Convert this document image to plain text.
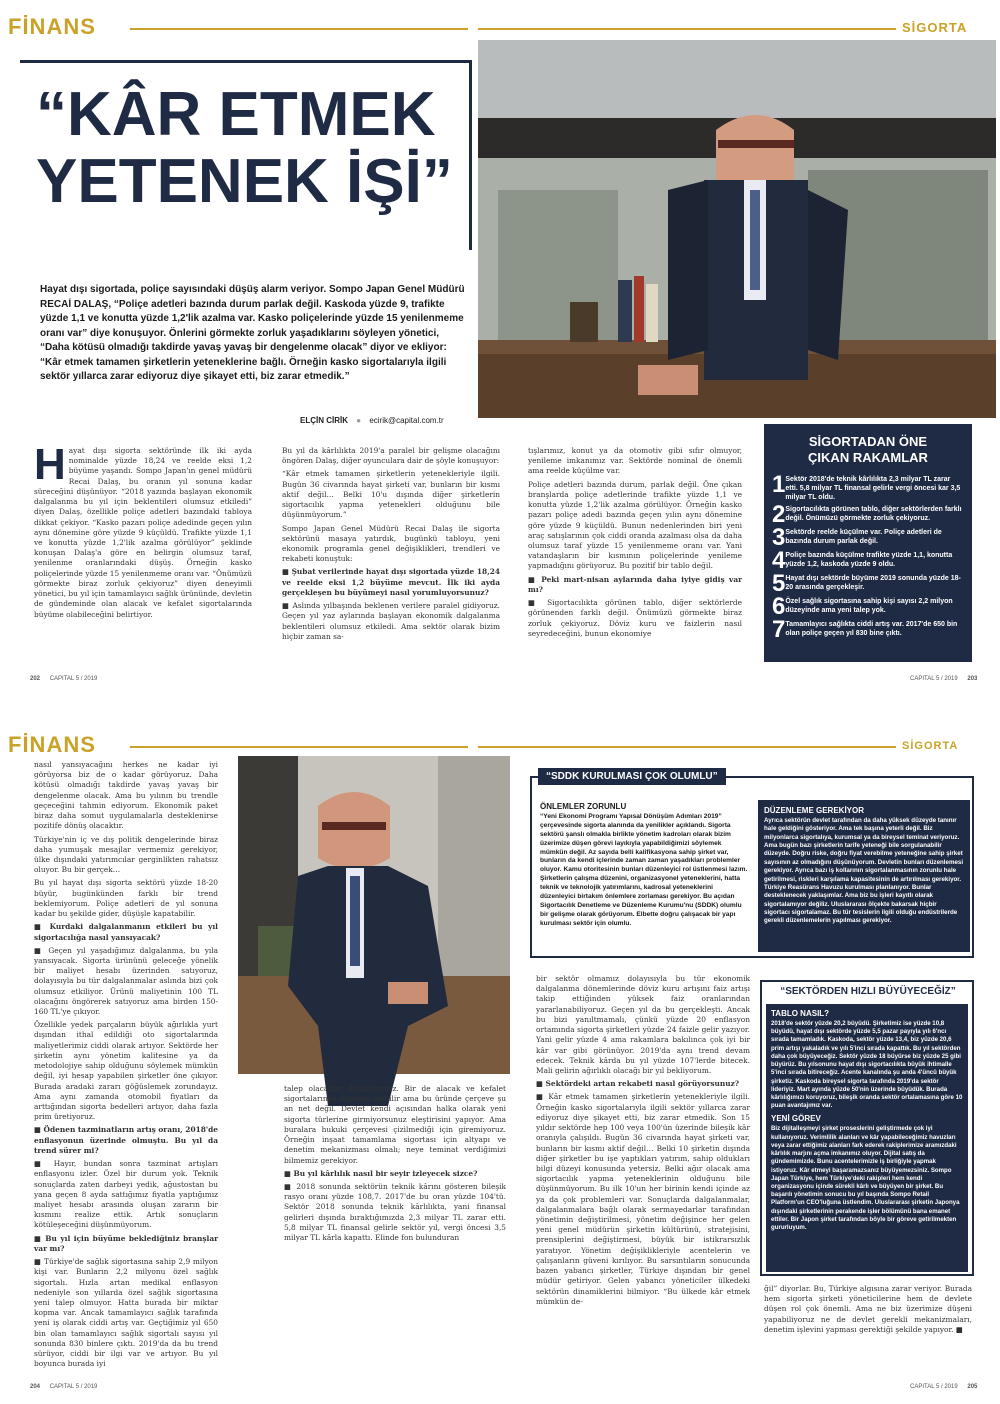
FİNANS	SİGORTA
“KÂR ETMEK
YETENEK İŞİ”
Hayat dışı sigortada, poliçe sayısındaki düşüş alarm veriyor. Sompo Japan Genel Müdürü RECAİ DALAŞ, “Poliçe adetleri bazında durum parlak değil. Kaskoda yüzde 9, trafikte yüzde 1,1 ve konutta yüzde 1,2'lik azalma var. Kasko poliçelerinde yüzde 15 yenilenmeme oranı var” diye konuşuyor. Önlerini görmekte zorluk yaşadıklarını söyleyen yönetici, “Daha kötüsü olmadığı takdirde yavaş yavaş bir dengelenme olacak” diyor ve ekliyor: “Kâr etmek tamamen şirketlerin yeteneklerine bağlı. Örneğin kasko sigortalarıyla ilgili sektör yıllarca zarar ediyoruz diye şikayet etti, biz zarar etmedik.”
ELÇİN CİRİK ● ecirik@capital.com.tr
H ayat dışı sigorta sektöründe ilk iki ayda nominalde yüzde 18,24 ve reelde eksi 1,2 büyüme yaşandı. Sompo Japan'ın genel müdürü Recai Dalaş, bu oranın yıl sonuna kadar süreceğini düşünüyor. “2018 yazında başlayan ekonomik dalgalanma bu yıl için beklentileri olumsuz etkiledi” diyen Dalaş, özellikle poliçe adetleri bazındaki tabloya dikkat çekiyor. “Kasko pazarı poliçe adedinde geçen yılın aynı dönemine göre yüzde 9 küçüldü. Trafikte yüzde 1,1 ve konutta yüzde 1,2'lik azalma görülüyor” şeklinde konuşan Dalaş'a göre en belirgin olumsuz taraf, yenilenme oranlarındaki düşüş. Örneğin kasko poliçelerinde yüzde 15 yenilenmeme oranı var. “Önümüzü görmekte biraz zorluk çekiyoruz” diyen deneyimli yönetici, bu yıl için tamamlayıcı sağlık ürününde, devletin de gündeminde olan alacak ve kefalet sigortalarında büyüme olabileceğini belirtiyor.

Bu yıl da kârlılıkta 2019'a paralel bir gelişme olacağını öngören Dalaş, diğer oyunculara dair de şöyle konuşuyor:

“Kâr etmek tamamen şirketlerin yetenekleriyle ilgili. Bugün 36 civarında hayat şirketi var, bunların bir kısmı aktif değil… Belki 10'u dışında diğer şirketlerin sigortacılık yapma yetenekleri olduğunu bile düşünmüyorum.”

Sompo Japan Genel Müdürü Recai Dalaş ile sigorta sektörünü masaya yatırdık, bugünkü tabloyu, yeni ekonomik programla genel değişiklikleri, trendleri ve rekabeti konuştuk:

■ Şubat verilerinde hayat dışı sigortada yüzde 18,24 ve reelde eksi 1,2 büyüme mevcut. İlk iki ayda gerçekleşen bu büyümeyi nasıl yorumluyorsunuz?

■ Aslında yılbaşında beklenen verilere paralel gidiyoruz. Geçen yıl yaz aylarında başlayan ekonomik dalgalanma beklentileri olumsuz etkiledi. Ama sektör olarak bizim hiçbir zaman sa-

tışlarımız, konut ya da otomotiv gibi sıfır olmuyor, yenileme imkanımız var. Sektörde nominal de önemli ama reelde küçülme var.

Poliçe adetleri bazında durum, parlak değil. Öne çıkan branşlarda poliçe adetlerinde trafikte yüzde 1,1 ve konutta yüzde 1,2'lik azalma görülüyor. Örneğin kasko pazarı poliçe adedi bazında geçen yılın aynı dönemine göre yüzde 9 küçüldü. Bunun nedenlerinden biri yeni araç satışlarının çok ciddi oranda azalması olsa da daha olumsuz taraf yüzde 15 yenilenmeme oranı var. Yani vatandaşların bir kısmının poliçelerinde yenileme yapmadığını görüyoruz. Bu pozitif bir tablo değil.

■ Peki mart-nisan aylarında daha iyiye gidiş var mı?

■ Sigortacılıkta görünen tablo, diğer sektörlerde görünenden farklı değil. Önümüzü görmekte biraz zorluk çekiyoruz. Döviz kuru ve faizlerin nasıl seyredeceğini, bunun ekonomiye

SİGORTADAN ÖNE
ÇIKAN RAKAMLAR
1 Sektör 2018'de teknik kârlılıkta 2,3 milyar TL zarar etti. 5,8 milyar TL finansal gelirle vergi öncesi kar 3,5 milyar TL oldu.
2 Sigortacılıkta görünen tablo, diğer sektörlerden farklı değil. Önümüzü görmekte zorluk çekiyoruz.
3 Sektörde reelde küçülme var. Poliçe adetleri de bazında durum parlak değil.
4 Poliçe bazında küçülme trafikte yüzde 1,1, konutta yüzde 1,2, kaskoda yüzde 9 oldu.
5 Hayat dışı sektörde büyüme 2019 sonunda yüzde 18-20 arasında gerçekleşir.
6 Özel sağlık sigortasına sahip kişi sayısı 2,2 milyon düzeyinde ama yeni talep yok.
7 Tamamlayıcı sağlıkta ciddi artış var. 2017'de 650 bin olan poliçe geçen yıl 830 bine çıktı.
202 CAPITAL 5 / 2019	CAPITAL 5 / 2019 203
FİNANS	SİGORTA

nasıl yansıyacağını herkes ne kadar iyi görüyorsa biz de o kadar görüyoruz. Daha kötüsü olmadığı takdirde yavaş yavaş bir dengelenme olacak. Ama bu yılının bu trendle geçeceğini tahmin ediyorum. Ekonomik paket biraz daha somut uygulamalarla desteklenirse pozitife dönüş olacaktır.

Türkiye'nin iç ve dış politik dengelerinde biraz daha yumuşak mesajlar vermemiz gerekiyor, ülke dışındaki yatırımcılar gerginlikten rahatsız oluyor. Bu bir gerçek…

Bu yıl hayat dışı sigorta sektörü yüzde 18-20 büyür, bugünkünden farklı bir trend beklemiyorum. Poliçe adetleri de yıl sonuna kadar bu şekilde gider, düşüşle kapatabilir.

■ Kurdaki dalgalanmanın etkileri bu yıl sigortacılığa nasıl yansıyacak?

■ Geçen yıl yaşadığımız dalgalanma, bu yıla yansıyacak. Sigorta ürününü geleceğe yönelik bir maliyet hesabı üzerinden satıyoruz, dolayısıyla bu tür dalgalanmalar aslında bizi çok olumsuz etkiliyor. Ürünü maliyetinin 100 TL olacağını öngörerek satıyoruz ama birden 150-160 TL'ye çıkıyor.

Özellikle yedek parçaların büyük ağırlıkla yurt dışından ithal edildiği oto sigortalarında maliyetlerimiz ciddi olarak artıyor. Sektörde her şirketin aynı yönetim kalitesine ya da metodolojiye sahip olduğunu söylemek mümkün değil, iyi hesap yapabilen şirketler öne çıkıyor. Burada aradaki zararı göğüslemek zorundayız. Ama aynı zamanda otomobil fiyatları da arttığından sigorta bedelleri artıyor, daha fazla prim üretiyoruz.

■ Ödenen tazminatların artış oranı, 2018'de enflasyonun üzerinde olmuştu. Bu yıl da trend sürer mi?

■ Hayır, bundan sonra tazminat artışları enflasyonu izler. Özel bir durum yok. Teknik sonuçlarda zaten darbeyi yedik, ağustostan bu yana geçen 8 ayda sattığımız fiyatla yaptığımız maliyet hesabı arasında oluşan zararın bir kısmını realize ettik. Artık sonuçların kötüleşeceğini düşünmüyorum.

■ Bu yıl için büyüme beklediğiniz branşlar var mı?

■ Türkiye'de sağlık sigortasına sahip 2,9 milyon kişi var. Bunların 2,2 milyonu özel sağlık sigortalı. Hızla artan medikal enflasyon nedeniyle son yıllarda özel sağlık sigortasına yeni talep olmuyor. Hatta burada bir miktar kopma var. Ancak tamamlayıcı sağlık tarafında yeni iş olarak ciddi artış var. Geçtiğimiz yıl 650 bin olan tamamlayıcı sağlık sigortalı sayısı yıl sonunda 830 binlere çıktı. 2019'da da bu trend sürüyor, ciddi bir ilgi var ve artıyor. Bu yıl boyunca burada iyi

talep olacağını düşünüyoruz. Bir de alacak ve kefalet sigortalarında büyüme olabilir ama bu üründe çerçeve şu an net değil. Devlet kendi açısından halka olarak yeni sigorta türlerine girmiyorsunuz eleştirisini yapıyor. Ama buralara hukuki çerçevesi çizilmediği için giremiyoruz. Örneğin inşaat tamamlama sigortası için altyapı ve denetim mekanizması olmalı; neye teminat verdiğimizi bilmemiz gerekiyor.

■ Bu yıl kârlılık nasıl bir seyir izleyecek sizce?

■ 2018 sonunda sektörün teknik kârını gösteren bileşik rasyo oranı yüzde 108,7. 2017'de bu oran yüzde 104'tü. Sektör 2018 sonunda teknik kârlılıkta, yani finansal gelirleri dışında bıraktığımızda 2,3 milyar TL zarar etti. 5,8 milyar TL finansal gelirle sektör yıl, vergi öncesi 3,5 milyar TL kârla kapattı. Elinde fon bulunduran

“SDDK KURULMASI ÇOK OLUMLU”
ÖNLEMLER ZORUNLU
“Yeni Ekonomi Programı Yapısal Dönüşüm Adımları 2019”
çerçevesinde sigorta alanında da yenilikler açıklandı. Sigorta sektörü şanslı olmakla birlikte yönetim kadroları olarak bizim üzerimize düşen görevi layıkıyla yapabildiğimizi söylemek mümkün değil. Az sayıda belli kalifikasyona sahip şirket var, bunların da kendi içlerinde zaman zaman yaşadıkları problemler oluyor. Kamu otoritesinin bunları düzenleyici rol üstlenmesi lazım. Şirketlerin çalışma düzenini, organizasyonel yeteneklerini, hatta teknik ve teknolojik yatırımlarını, kadrosal yeteneklerini düzenleyici birtakım önlemlere zorlaması gerekiyor. Bu açıdan Sigortacılık Denetleme ve Düzenleme Kurumu'nu (SDDK) olumlu bir gelişme olarak görüyorum. Elbette doğru çalışacak bir yapı kurulması sektör için olumlu.
DÜZENLEME GEREKİYOR
Ayrıca sektörün devlet tarafından da daha yüksek düzeyde tanınır hale geldiğini gösteriyor. Ama tek başına yeterli değil. Biz milyonlarca sigortalıya, kurumsal ya da bireysel teminat veriyoruz. Ama bugün bazı şirketlerin tarife yeteneği bile sorgulanabilir düzeyde. Doğru riske, doğru fiyat verebilme yeteneğine sahip şirket sayısının az olmadığını düşünüyorum. Devletin bunları düzenlemesi gerekiyor. Ayrıca bazı iş kollarının sigortalanmasının zorunlu hale getirilmesi, riskleri karşılama kapasitesinin de artırılması gerekiyor. Türkiye Reasürans Havuzu kurulması planlanıyor. Bunlar desteklenecek yaklaşımlar. Ama biz bu işleri kayıtlı olarak sigortalamıyor değiliz. Uluslararası ölçekte bakarsak hiçbir sigortacı sigortalamaz. Bu tür tesislerin ilgili olduğu endüstrilerde gerekli düzenlemelerin yapılması gerekiyor.

bir sektör olmamız dolayısıyla bu tür ekonomik dalgalanma dönemlerinde döviz kuru artışını faiz artışı takip ettiğinden yüksek faiz oranlarından yararlanabiliyoruz. Geçen yıl da bu gerçekleşti. Ancak bu bizi yanıltmamalı, çünkü yüzde 20 enflasyon ortamında sigorta şirketleri yüzde 24 faizle gelir yazıyor. Yani gelir yüzde 4 ama rakamlara bakılınca çok iyi bir kâr var gibi görünüyor. 2019'da aynı trend devam edecek. Teknik kârda bu yıl yüzde 107'lerde bitecek. Mali gelirin ağırlıklı olacağı bir yıl bekliyorum.

■ Sektördeki artan rekabeti nasıl görüyorsunuz?

■ Kâr etmek tamamen şirketlerin yetenekleriyle ilgili. Örneğin kasko sigortalarıyla ilgili sektör yıllarca zarar ediyoruz diye şikayet etti, biz zarar etmedik. Son 15 yıldır sektörde hep 100 veya 100'ün üzerinde bileşik kâr oranıyla çalışıldı. Bugün 36 civarında hayat şirketi var, bunların bir kısmı aktif değil… Belki 10 şirketin dışında diğer şirketler bu işe yaptıkları yatırım, sahip oldukları bilgi düzeyi konusunda yetersiz. Belki ağır olacak ama sigortacılık yapma yeteneklerinin olduğunu bile düşünmüyorum. Bu ilk 10'un her birinin kendi içinde az ya da çok problemleri var. Sonuçlarda dalgalanmalar, dalgalanmalara bağlı olarak sermayedarlar tarafından yönetimin değiştirilmesi, yönetim değişince her gelen yeni genel müdürün şirketin kültürünü, stratejisini, prensiplerini değiştirmesi, büyük bir istikrarsızlık yaratıyor. Yönetim değişiklikleriyle acentelerin ve çalışanların güveni kırılıyor. Bu sarsıntıların sonucunda bazen yabancı şirketler, Türkiye dışından bir genel müdür getiriyor. Gelen yabancı yöneticiler ülkedeki sektörün dinamiklerini bilmiyor. “Bu ülkede kâr etmek mümkün de-

“SEKTÖRDEN HIZLI BÜYÜYECEĞİZ”
TABLO NASIL?
2018'de sektör yüzde 20,2 büyüdü. Şirketimiz ise yüzde 10,8 büyüdü, hayat dışı sektörde yüzde 5,5 pazar payıyla yılı 6'ncı sırada tamamladık. Kaskoda, sektör yüzde 13,4, biz yüzde 20,6 prim artışı yakaladık ve yılı 5'inci sırada kapattık. Bu yıl sektörden daha çok büyüyeceğiz. Sektör yüzde 18 büyürse biz yüzde 25 gibi büyürüz. Bu yılsonunu hayat dışı sigortacılıkta büyük ihtimalle 5'inci sırada bitireceğiz. Acente kanalında şu anda 4'üncü büyük şirketiz. Kaskoda bireysel sigorta tarafında 2019'da sektör lideriyiz. Mart ayında yüzde 50'nin üzerinde büyüdük. Burada kârlılığımızı koruyoruz, bileşik oranda sektör ortalamasına göre 10 puan avantajımız var.
YENİ GÖREV
Biz dijitalleşmeyi şirket proseslerini geliştirmede çok iyi kullanıyoruz. Verimlilik alanları ve kâr yapabileceğimiz havuzları veya zarar ettiğimiz alanları fark ederek rakiplerimize aramızdaki kârlılık marjını açma imkanımız oluyor. Dijital satış da gündemimizde. Bunu acentelerimizle iş birliğiyle yapmak istiyoruz. Kâr etmeyi başaramazsanız büyüyemezsiniz. Sompo Japan Türkiye, hem Türkiye'deki rakipleri hem kendi organizasyonu içinde sürekli kârlı ve büyüyen bir şirket. Bu başarılı yönetimin sonucu bu yıl başında Sompo Retail Platform'un CEO'luğuna üstlendim. Uluslararası şirketin Japonya dışındaki şirketlerinin perakende işler bölümünü bana emanet ettiler. Bir Japon şirket tarafından böyle bir göreve getirilmekten gururluyum.

ğil” diyorlar. Bu, Türkiye algısına zarar veriyor. Burada hem sigorta şirketi yöneticilerine hem de devlete düşen rol çok önemli. Ama ne biz üzerimize düşeni yapabiliyoruz ne de devlet gerekli mekanizmaları, denetim işlevini yapması gerektiği şekilde yapıyor. ■

204 CAPITAL 5 / 2019	CAPITAL 5 / 2019 205
